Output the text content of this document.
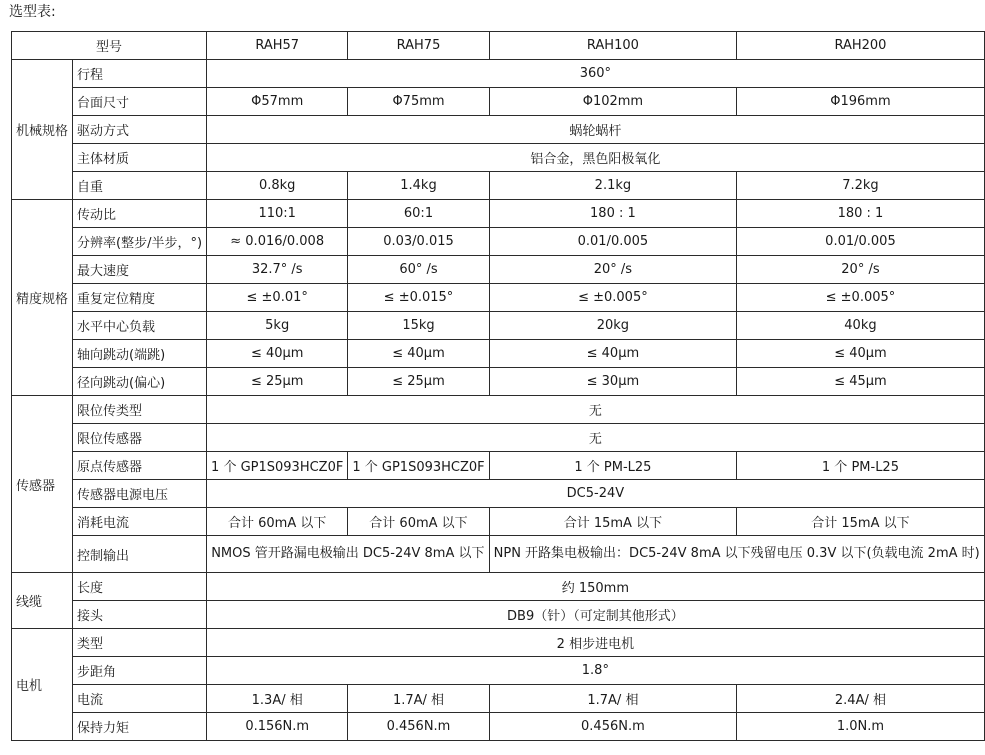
选型表:
型号		RAH57	RAH75	RAH100	RAH200
机械规格	行程	360°			
	台面尺寸	Φ57mm	Φ75mm	Φ102mm	Φ196mm
	驱动方式	蜗轮蜗杆			
	主体材质	铝合金，黑色阳极氧化			
	自重	0.8kg	1.4kg	2.1kg	7.2kg
精度规格	传动比	110:1	60:1	180 : 1	180 : 1
	分辨率(整步/半步，°)	≈ 0.016/0.008	0.03/0.015	0.01/0.005	0.01/0.005
	最大速度	32.7° /s	60° /s	20° /s	20° /s
	重复定位精度	≤ ±0.01°	≤ ±0.015°	≤ ±0.005°	≤ ±0.005°
	水平中心负载	5kg	15kg	20kg	40kg
	轴向跳动(端跳)	≤ 40μm	≤ 40μm	≤ 40μm	≤ 40μm
	径向跳动(偏心)	≤ 25μm	≤ 25μm	≤ 30μm	≤ 45μm
传感器	限位传类型	无			
	限位传感器	无			
	原点传感器	1 个 GP1S093HCZ0F	1 个 GP1S093HCZ0F	1 个 PM-L25	1 个 PM-L25
	传感器电源电压	DC5-24V			
	消耗电流	合计 60mA 以下	合计 60mA 以下	合计 15mA 以下	合计 15mA 以下
	控制输出	NMOS 管开路漏电极输出 DC5-24V 8mA 以下		NPN 开路集电极输出：DC5-24V 8mA 以下残留电压 0.3V 以下(负载电流 2mA 时)	
线缆	长度	约 150mm			
	接头	DB9（针）（可定制其他形式）			
电机	类型	2 相步进电机			
	步距角	1.8°			
	电流	1.3A/ 相	1.7A/ 相	1.7A/ 相	2.4A/ 相
	保持力矩	0.156N.m	0.456N.m	0.456N.m	1.0N.m
